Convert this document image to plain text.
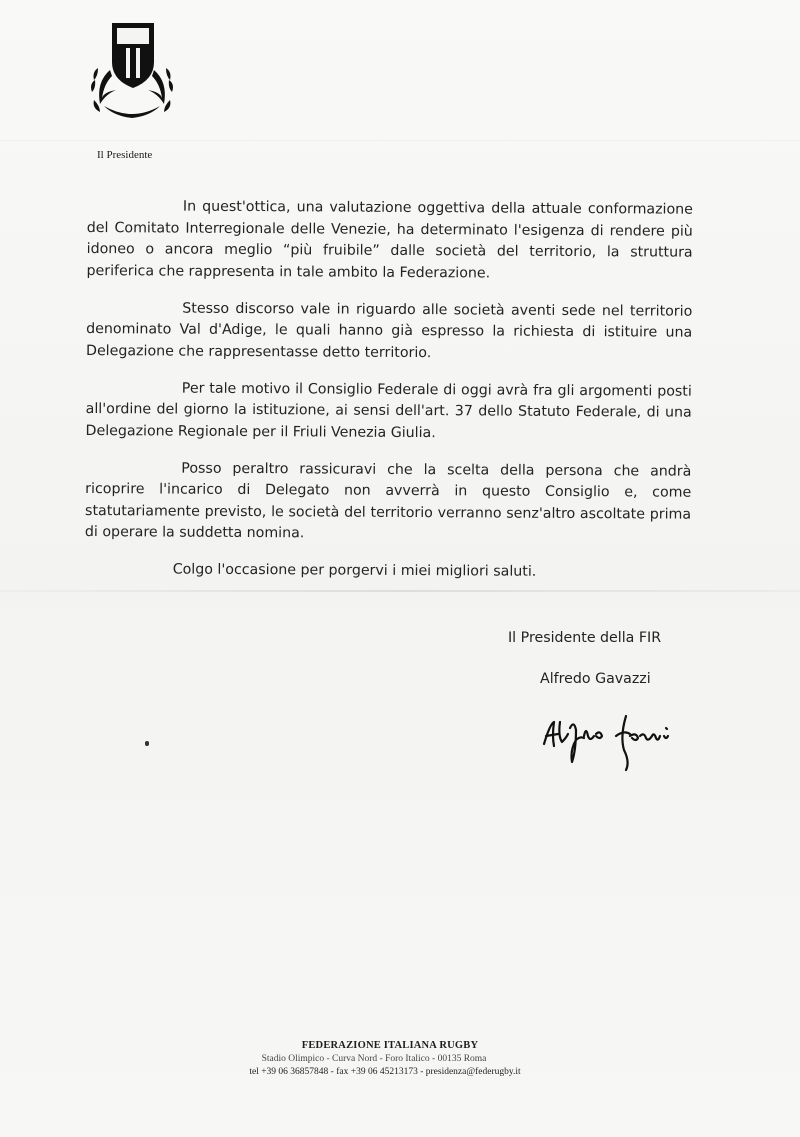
Il Presidente

In quest'ottica, una valutazione oggettiva della attuale conformazione del Comitato Interregionale delle Venezie, ha determinato l'esigenza di rendere più idoneo o ancora meglio “più fruibile” dalle società del territorio, la struttura periferica che rappresenta in tale ambito la Federazione.

Stesso discorso vale in riguardo alle società aventi sede nel territorio denominato Val d'Adige, le quali hanno già espresso la richiesta di istituire una Delegazione che rappresentasse detto territorio.

Per tale motivo il Consiglio Federale di oggi avrà fra gli argomenti posti all'ordine del giorno la istituzione, ai sensi dell'art. 37 dello Statuto Federale, di una Delegazione Regionale per il Friuli Venezia Giulia.

Posso peraltro rassicuravi che la scelta della persona che andrà ricoprire l'incarico di Delegato non avverrà in questo Consiglio e, come statutariamente previsto, le società del territorio verranno senz'altro ascoltate prima di operare la suddetta nomina.

Colgo l'occasione per porgervi i miei migliori saluti.

Il Presidente della FIR
Alfredo Gavazzi
FEDERAZIONE ITALIANA RUGBY
Stadio Olimpico - Curva Nord - Foro Italico - 00135 Roma
tel +39 06 36857848 - fax +39 06 45213173 - presidenza@federugby.it
